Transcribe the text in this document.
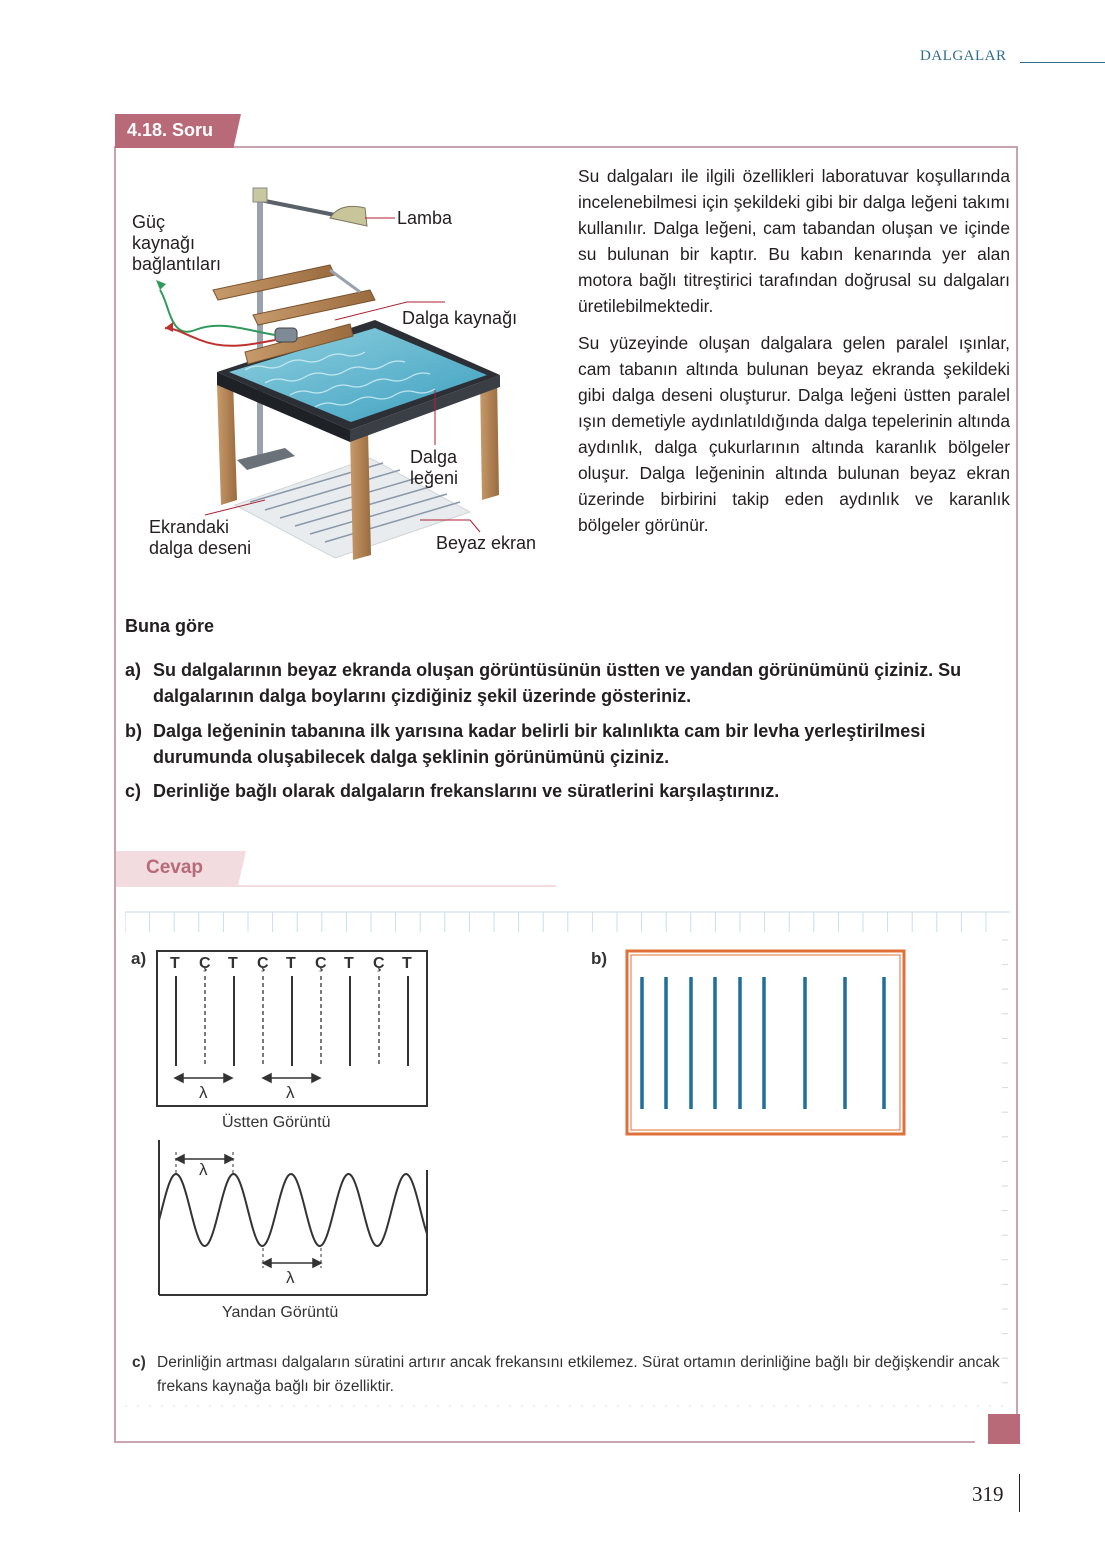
DALGALAR
4.18. Soru
Güç
kaynağı
bağlantıları
Lamba
Dalga kaynağı
Dalga
leğeni
Ekrandaki
dalga deseni	Beyaz ekran
Su dalgaları ile ilgili özellikleri laboratuvar koşullarında incelenebilmesi için şekildeki gibi bir dalga leğeni takımı kullanılır. Dalga leğeni, cam tabandan oluşan ve içinde su bulunan bir kaptır. Bu kabın kenarında yer alan motora bağlı titreştirici tarafından doğrusal su dalgaları üretilebilmektedir.
Su yüzeyinde oluşan dalgalara gelen paralel ışınlar, cam tabanın altında bulunan beyaz ekranda şekildeki gibi dalga deseni oluşturur. Dalga leğeni üstten paralel ışın demetiyle aydınlatıldığında dalga tepelerinin altında aydınlık, dalga çukurlarının altında karanlık bölgeler oluşur. Dalga leğeninin altında bulunan beyaz ekran üzerinde birbirini takip eden aydınlık ve karanlık bölgeler görünür.
Buna göre
a) Su dalgalarının beyaz ekranda oluşan görüntüsünün üstten ve yandan görünümünü çiziniz. Su dalgalarının dalga boylarını çizdiğiniz şekil üzerinde gösteriniz.
b) Dalga leğeninin tabanına ilk yarısına kadar belirli bir kalınlıkta cam bir levha yerleştirilmesi durumunda oluşabilecek dalga şeklinin görünümünü çiziniz.
c) Derinliğe bağlı olarak dalgaların frekanslarını ve süratlerini karşılaştırınız.
Cevap
a)
λ	λ
T Ç T Ç T Ç T Ç T
Üstten Görüntü
λ
λ
Yandan Görüntü
b)
c) Derinliğin artması dalgaların süratini artırır ancak frekansını etkilemez. Sürat ortamın derinliğine bağlı bir değişkendir ancak frekans kaynağa bağlı bir özelliktir.
319
